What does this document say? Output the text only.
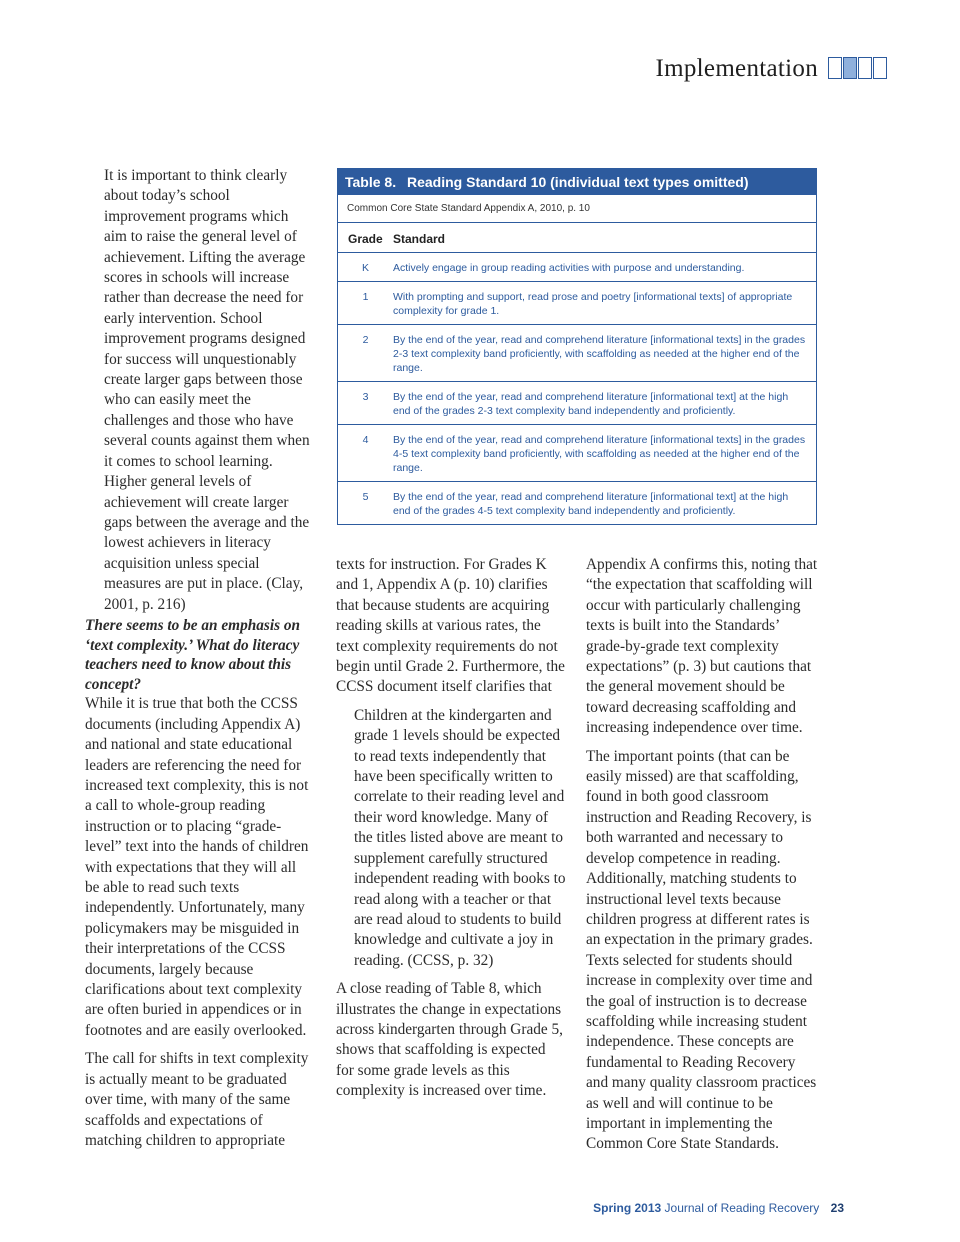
Implementation

It is important to think clearly about today’s school improvement programs which aim to raise the general level of achievement. Lifting the average scores in schools will increase rather than decrease the need for early intervention. School improvement programs designed for success will unquestionably create larger gaps between those who can easily meet the challenges and those who have several counts against them when it comes to school learning. Higher general levels of achievement will create larger gaps between the average and the lowest achievers in literacy acquisition unless special measures are put in place. (Clay, 2001, p. 216)

There seems to be an emphasis on ‘text complexity.’ What do literacy teachers need to know about this concept?

While it is true that both the CCSS documents (including Appendix A) and national and state educational leaders are referencing the need for increased text complexity, this is not a call to whole-group reading instruction or to placing “grade-level” text into the hands of children with expectations that they will all be able to read such texts independently. Unfortunately, many policymakers may be misguided in their interpretations of the CCSS documents, largely because clarifications about text complexity are often buried in appendices or in footnotes and are easily overlooked.

The call for shifts in text complexity is actually meant to be graduated over time, with many of the same scaffolds and expectations of matching children to appropriate

Table 8. Reading Standard 10 (individual text types omitted)
Common Core State Standard Appendix A, 2010, p. 10
Grade Standard
K	Actively engage in group reading activities with purpose and understanding.
1	With prompting and support, read prose and poetry [informational texts] of appropriate complexity for grade 1.
2	By the end of the year, read and comprehend literature [informational texts] in the grades 2-3 text complexity band proficiently, with scaffolding as needed at the higher end of the range.
3	By the end of the year, read and comprehend literature [informational text] at the high end of the grades 2-3 text complexity band independently and proficiently.
4	By the end of the year, read and comprehend literature [informational texts] in the grades 4-5 text complexity band proficiently, with scaffolding as needed at the higher end of the range.
5	By the end of the year, read and comprehend literature [informational text] at the high end of the grades 4-5 text complexity band independently and proficiently.

texts for instruction. For Grades K and 1, Appendix A (p. 10) clarifies that because students are acquiring reading skills at various rates, the text complexity requirements do not begin until Grade 2. Furthermore, the CCSS document itself clarifies that

Children at the kindergarten and grade 1 levels should be expected to read texts independently that have been specifically written to correlate to their reading level and their word knowledge. Many of the titles listed above are meant to supplement carefully structured independent reading with books to read along with a teacher or that are read aloud to students to build knowledge and cultivate a joy in reading. (CCSS, p. 32)

A close reading of Table 8, which illustrates the change in expectations across kindergarten through Grade 5, shows that scaffolding is expected for some grade levels as this complexity is increased over time.

Appendix A confirms this, noting that “the expectation that scaffolding will occur with particularly challenging texts is built into the Standards’ grade-by-grade text complexity expectations” (p. 3) but cautions that the general movement should be toward decreasing scaffolding and increasing independence over time.

The important points (that can be easily missed) are that scaffolding, found in both good classroom instruction and Reading Recovery, is both warranted and necessary to develop competence in reading. Additionally, matching students to instructional level texts because children progress at different rates is an expectation in the primary grades. Texts selected for students should increase in complexity over time and the goal of instruction is to decrease scaffolding while increasing student independence. These concepts are fundamental to Reading Recovery and many quality classroom practices as well and will continue to be important in implementing the Common Core State Standards.

Spring 2013 Journal of Reading Recovery 23
